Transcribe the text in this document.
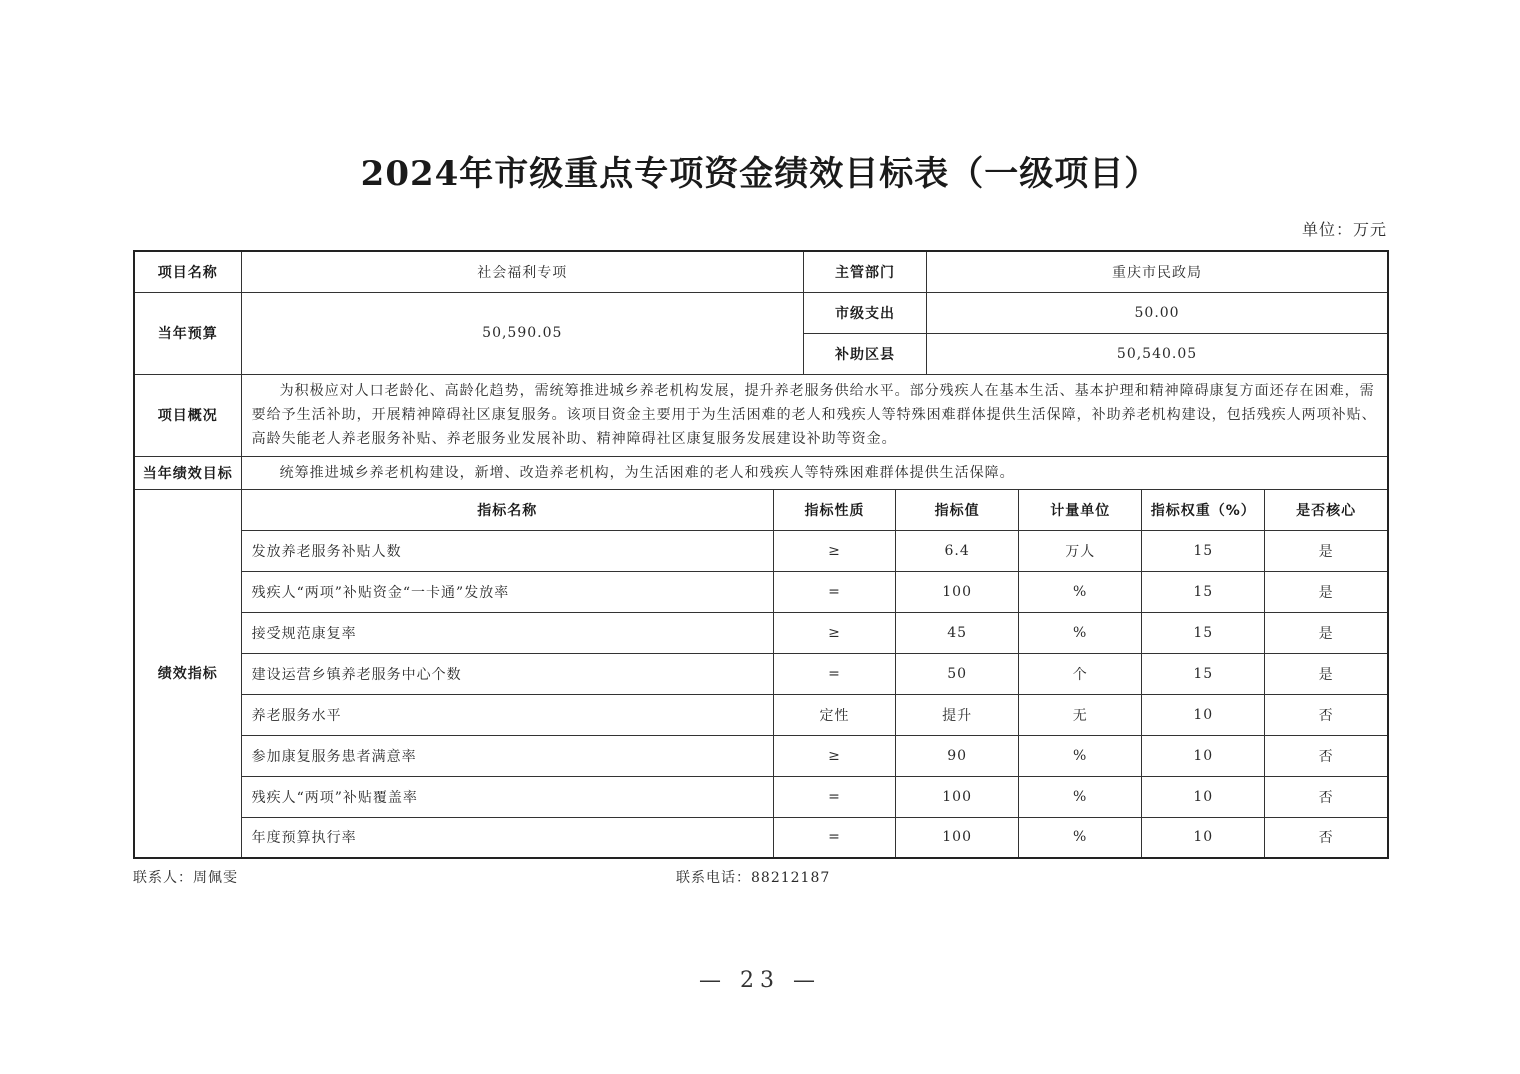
2024年市级重点专项资金绩效目标表（一级项目）
单位：万元
项目名称	社会福利专项		主管部门		重庆市民政局			
当年预算	50,590.05		市级支出		50.00			
			补助区县		50,540.05			
项目概况	为积极应对人口老龄化、高龄化趋势，需统筹推进城乡养老机构发展，提升养老服务供给水平。部分残疾人在基本生活、基本护理和精神障碍康复方面还存在困难，需要给予生活补助，开展精神障碍社区康复服务。该项目资金主要用于为生活困难的老人和残疾人等特殊困难群体提供生活保障，补助养老机构建设，包括残疾人两项补贴、高龄失能老人养老服务补贴、养老服务业发展补助、精神障碍社区康复服务发展建设补助等资金。							
当年绩效目标	统筹推进城乡养老机构建设，新增、改造养老机构，为生活困难的老人和残疾人等特殊困难群体提供生活保障。							
绩效指标	指标名称	指标性质		指标值		计量单位	指标权重（%）	是否核心
	发放养老服务补贴人数	≥		6.4		万人	15	是
	残疾人“两项”补贴资金“一卡通”发放率	=		100		%	15	是
	接受规范康复率	≥		45		%	15	是
	建设运营乡镇养老服务中心个数	=		50		个	15	是
	养老服务水平	定性		提升		无	10	否
	参加康复服务患者满意率	≥		90		%	10	否
	残疾人“两项”补贴覆盖率	=		100		%	10	否
	年度预算执行率	=		100		%	10	否
联系人：周佩雯	联系电话：88212187
— 23 —
